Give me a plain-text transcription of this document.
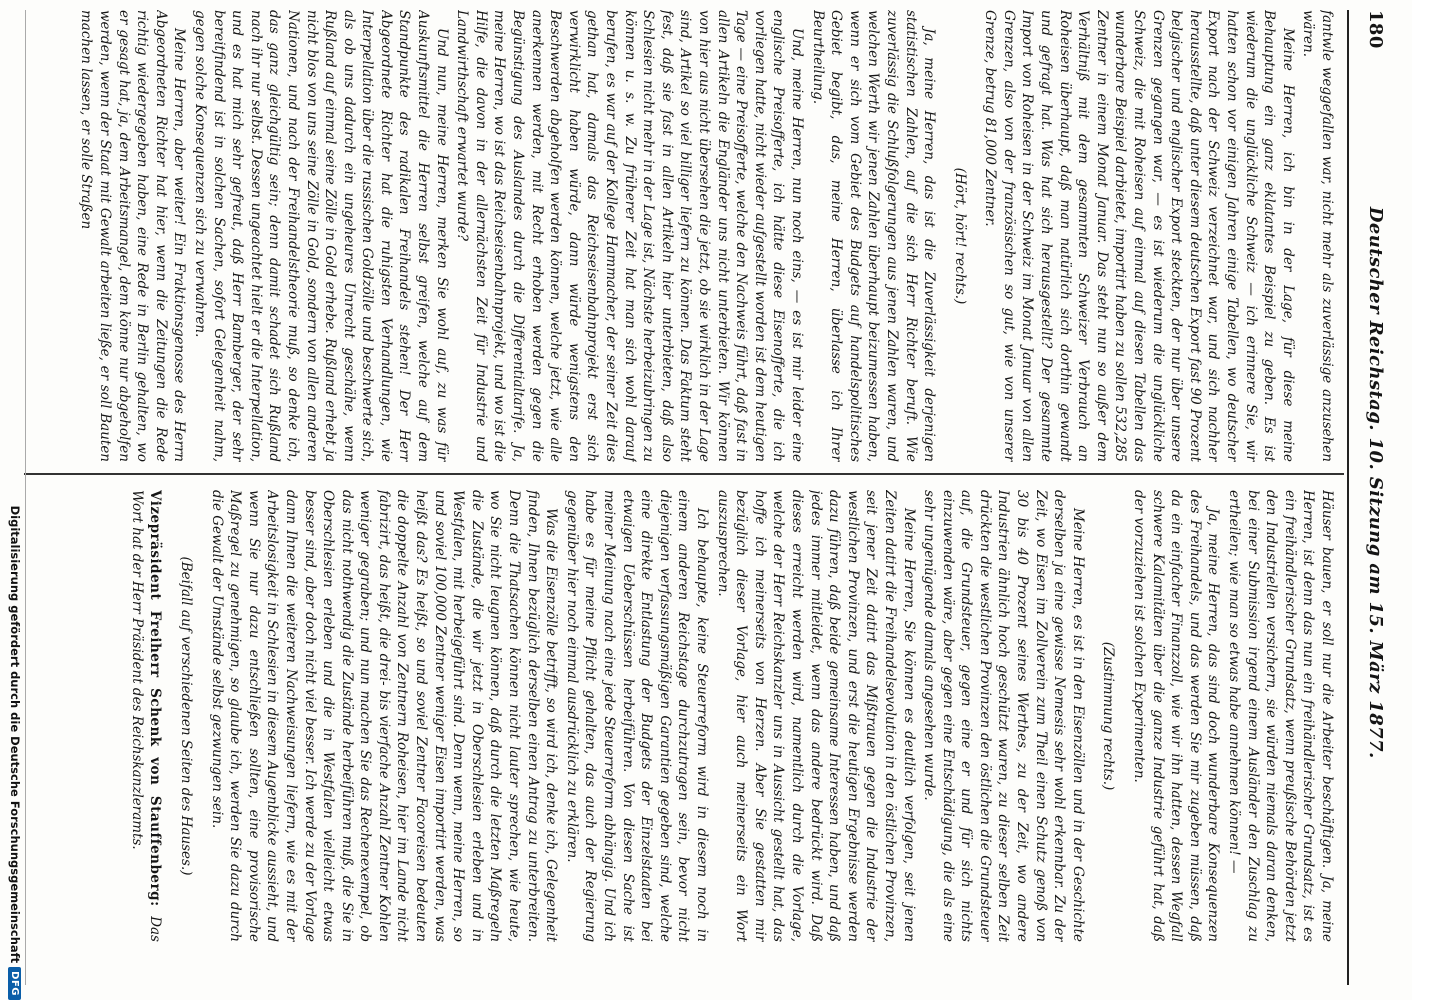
180
Deutscher Reichstag. 10. Sitzung am 15. März 1877.

fantwle weggefallen war, nicht mehr als zuverlässige anzusehen wären.

Meine Herren, ich bin in der Lage, für diese meine Behauptung ein ganz eklatantes Beispiel zu geben. Es ist wiederum die unglückliche Schweiz — ich erinnere Sie, wir hatten schon vor einigen Jahren einige Tabellen, wo deutscher Export nach der Schweiz verzeichnet war, und sich nachher herausstellte, daß unter diesem deutschen Export fast 90 Prozent belgischer und englischer Export steckten, der nur über unsere Grenzen gegangen war, — es ist wiederum die unglückliche Schweiz, die mit Roheisen auf einmal auf diesen Tabellen das wunderbare Beispiel darbietet, importirt haben zu sollen 532,285 Zentner in einem Monat Januar. Das steht nun so außer dem Verhältniß mit dem gesammten Schweizer Verbrauch an Roheisen überhaupt, daß man natürlich sich dorthin gewandt und gefragt hat. Was hat sich herausgestellt? Der gesammte Import von Roheisen in der Schweiz im Monat Januar von allen Grenzen, also von der französischen so gut, wie von unserer Grenze, betrug 81,000 Zentner.

(Hört, hört! rechts.)

Ja, meine Herren, das ist die Zuverlässigkeit derjenigen statistischen Zahlen, auf die sich Herr Richter beruft. Wie zuverlässig die Schlußfolgerungen aus jenen Zahlen waren, und welchen Werth wir jenen Zahlen überhaupt beizumessen haben, wenn er sich vom Gebiet des Budgets auf handelspolitisches Gebiet begibt, das, meine Herren, überlasse ich Ihrer Beurtheilung.

Und, meine Herren, nun noch eins, — es ist mir leider eine englische Preisofferte, ich hätte diese Eisenofferte, die ich vorliegen hatte, nicht wieder aufgestellt worden ist dem heutigen Tage — eine Preisofferte, welche den Nachweis führt, daß fast in allen Artikeln die Engländer uns nicht unterbieten. Wir können von hier aus nicht übersehen die jetzt, ob sie wirklich in der Lage sind, Artikel so viel billiger liefern zu können. Das Faktum steht fest, daß sie fast in allen Artikeln hier unterbieten, daß also Schlesien nicht mehr in der Lage ist, Nächste herbeizubringen zu können u. s. w. Zu früherer Zeit hat man sich wohl darauf berufen, es war auf der Kollege Hammacher, der seiner Zeit dies gethan hat, damals das Reichseisenbahnprojekt erst sich verwirklicht haben würde, dann würde wenigstens den Beschwerden abgeholfen werden können, welche jetzt, wie alle anerkennen werden, mit Recht erhoben werden gegen die Begünstigung des Auslandes durch die Differentialtarife. Ja, meine Herren, wo ist das Reichseisenbahnprojekt, und wo ist die Hilfe, die davon in der allernächsten Zeit für Industrie und Landwirthschaft erwartet wurde?

Und nun, meine Herren, merken Sie wohl auf, zu was für Auskunftsmittel die Herren selbst greifen, welche auf dem Standpunkte des radikalen Freihandels stehen! Der Herr Abgeordnete Richter hat die ruhigsten Verhandlungen, wie Interpellation über die russischen Goldzölle und beschwerte sich, als ob uns dadurch ein ungeheures Unrecht geschähe, wenn Rußland auf einmal seine Zölle in Gold erhebe. Rußland erhebt ja nicht blos von uns seine Zölle in Gold, sondern von allen anderen Nationen, und nach der Freihandelstheorie muß, so denke ich, das ganz gleichgültig sein; denn damit schadet sich Rußland nach ihr nur selbst. Dessen ungeachtet hielt er die Interpellation, und es hat mich sehr gefreut, daß Herr Bamberger, der sehr bereitfindend ist in solchen Sachen, sofort Gelegenheit nahm, gegen solche Konsequenzen sich zu verwahren.

Meine Herren, aber weiter! Ein Fraktionsgenosse des Herrn Abgeordneten Richter hat hier, wenn die Zeitungen die Rede richtig wiedergegeben haben, eine Rede in Berlin gehalten, wo er gesagt hat, ja, dem Arbeitsmangel, dem könne nur abgeholfen werden, wenn der Staat mit Gewalt arbeiten ließe, er soll Bauten machen lassen, er solle Straßen

Häuser bauen, er soll nur die Arbeiter beschäftigen. Ja, meine Herren, ist denn das nun ein freihändlerischer Grundsatz, ist es ein freihändlerischer Grundsatz, wenn preußische Behörden jetzt den Industriellen versichern, sie würden niemals daran denken, bei einer Submission irgend einem Ausländer den Zuschlag zu ertheilen; wie man so etwas habe annehmen können! —

Ja, meine Herren, das sind doch wunderbare Konsequenzen des Freihandels, und das werden Sie mir zugeben müssen, daß da ein einfacher Finanzzoll, wie wir ihn hatten, dessen Wegfall schwere Kalamitäten über die ganze Industrie geführt hat, daß der vorzuziehen ist solchen Experimenten.

(Zustimmung rechts.)

Meine Herren, es ist in den Eisenzöllen und in der Geschichte derselben ja eine gewisse Nemesis sehr wohl erkennbar. Zu der Zeit, wo Eisen im Zollverein zum Theil einen Schutz genoß von 30 bis 40 Prozent seines Werthes, zu der Zeit, wo andere Industrien ähnlich hoch geschützt waren, zu dieser selben Zeit drückten die westlichen Provinzen den östlichen die Grundsteuer auf, die Grundsteuer, gegen eine er und für sich nichts einzuwenden wäre, aber gegen eine Entschädigung, die als eine sehr ungenügende damals angesehen wurde.

Meine Herren, Sie können es deutlich verfolgen, seit jenen Zeiten datirt die Freihandelsevolution in den östlichen Provinzen, seit jener Zeit datirt das Mißtrauen gegen die Industrie der westlichen Provinzen, und erst die heutigen Ergebnisse werden dazu führen, daß beide gemeinsame Interessen haben, und daß jedes immer mitleidet, wenn das andere bedrückt wird. Daß dieses erreicht werden wird, namentlich durch die Vorlage, welche der Herr Reichskanzler uns in Aussicht gestellt hat, das hoffe ich meinerseits von Herzen. Aber Sie gestatten mir bezüglich dieser Vorlage, hier auch meinerseits ein Wort auszusprechen.

Ich behaupte, keine Steuerreform wird in diesem noch in einem anderen Reichstage durchzutragen sein, bevor nicht diejenigen verfassungsmäßigen Garantien gegeben sind, welche eine direkte Entlastung der Budgets der Einzelstaaten bei etwaigen Ueberschüssen herbeiführen. Von diesen Sache ist meiner Meinung nach eine jede Steuerreform abhängig. Und ich habe es für meine Pflicht gehalten, das auch der Regierung gegenüber hier noch einmal ausdrücklich zu erklären.

Was die Eisenzölle betrifft, so wird ich, denke ich, Gelegenheit finden, Ihnen bezüglich derselben einen Antrag zu unterbreiten. Denn die Thatsachen können nicht lauter sprechen, wie heute, wo Sie nicht leugnen können, daß durch die letzten Maßregeln die Zustände, die wir jetzt in Oberschlesien erleben und in Westfalen, mit herbeigeführt sind. Denn wenn, meine Herren, so und soviel 100,000 Zentner weniger Eisen importirt werden, was heißt das? Es heißt, so und soviel Zentner Facoreisen bedeuten die doppelte Anzahl von Zentnern Roheisen, hier im Lande nicht fabrizirt, das heißt, die drei- bis vierfache Anzahl Zentner Kohlen weniger gegraben; und nun machen Sie das Rechenexempel, ob das nicht nothwendig die Zustände herbeiführen muß, die Sie in Oberschlesien erleben und die in Westfalen vielleicht etwas besser sind, aber doch nicht viel besser. Ich werde zu der Vorlage dann Ihnen die weiteren Nachweisungen liefern, wie es mit der Arbeitslosigkeit in Schlesien in diesem Augenblicke aussieht, und wenn Sie nur dazu entschließen sollten, eine provisorische Maßregel zu genehmigen, so glaube ich, werden Sie dazu durch die Gewalt der Umstände selbst gezwungen sein.

(Beifall auf verschiedenen Seiten des Hauses.)

Vizepräsident Freiherr Schenk von Stauffenberg: Das Wort hat der Herr Präsident des Reichskanzleramts.

Digitalisierung gefördert durch die Deutsche Forschungsgemeinschaft
DFG
